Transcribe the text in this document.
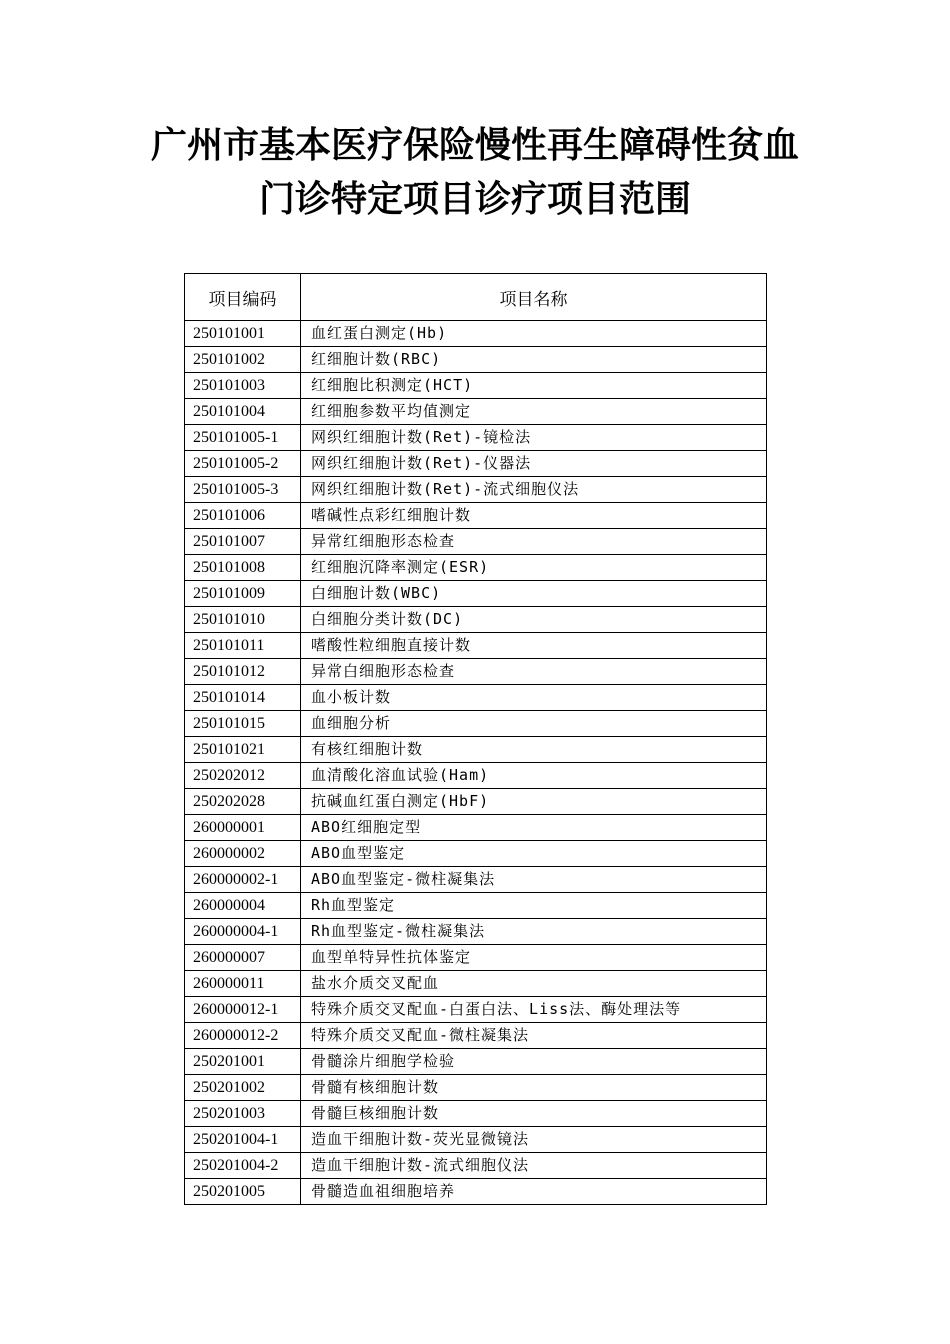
广州市基本医疗保险慢性再生障碍性贫血
门诊特定项目诊疗项目范围
项目编码	项目名称
250101001	血红蛋白测定(Hb)
250101002	红细胞计数(RBC)
250101003	红细胞比积测定(HCT)
250101004	红细胞参数平均值测定
250101005-1	网织红细胞计数(Ret)-镜检法
250101005-2	网织红细胞计数(Ret)-仪器法
250101005-3	网织红细胞计数(Ret)-流式细胞仪法
250101006	嗜碱性点彩红细胞计数
250101007	异常红细胞形态检查
250101008	红细胞沉降率测定(ESR)
250101009	白细胞计数(WBC)
250101010	白细胞分类计数(DC)
250101011	嗜酸性粒细胞直接计数
250101012	异常白细胞形态检查
250101014	血小板计数
250101015	血细胞分析
250101021	有核红细胞计数
250202012	血清酸化溶血试验(Ham)
250202028	抗碱血红蛋白测定(HbF)
260000001	ABO红细胞定型
260000002	ABO血型鉴定
260000002-1	ABO血型鉴定-微柱凝集法
260000004	Rh血型鉴定
260000004-1	Rh血型鉴定-微柱凝集法
260000007	血型单特异性抗体鉴定
260000011	盐水介质交叉配血
260000012-1	特殊介质交叉配血-白蛋白法、Liss法、酶处理法等
260000012-2	特殊介质交叉配血-微柱凝集法
250201001	骨髓涂片细胞学检验
250201002	骨髓有核细胞计数
250201003	骨髓巨核细胞计数
250201004-1	造血干细胞计数-荧光显微镜法
250201004-2	造血干细胞计数-流式细胞仪法
250201005	骨髓造血祖细胞培养
